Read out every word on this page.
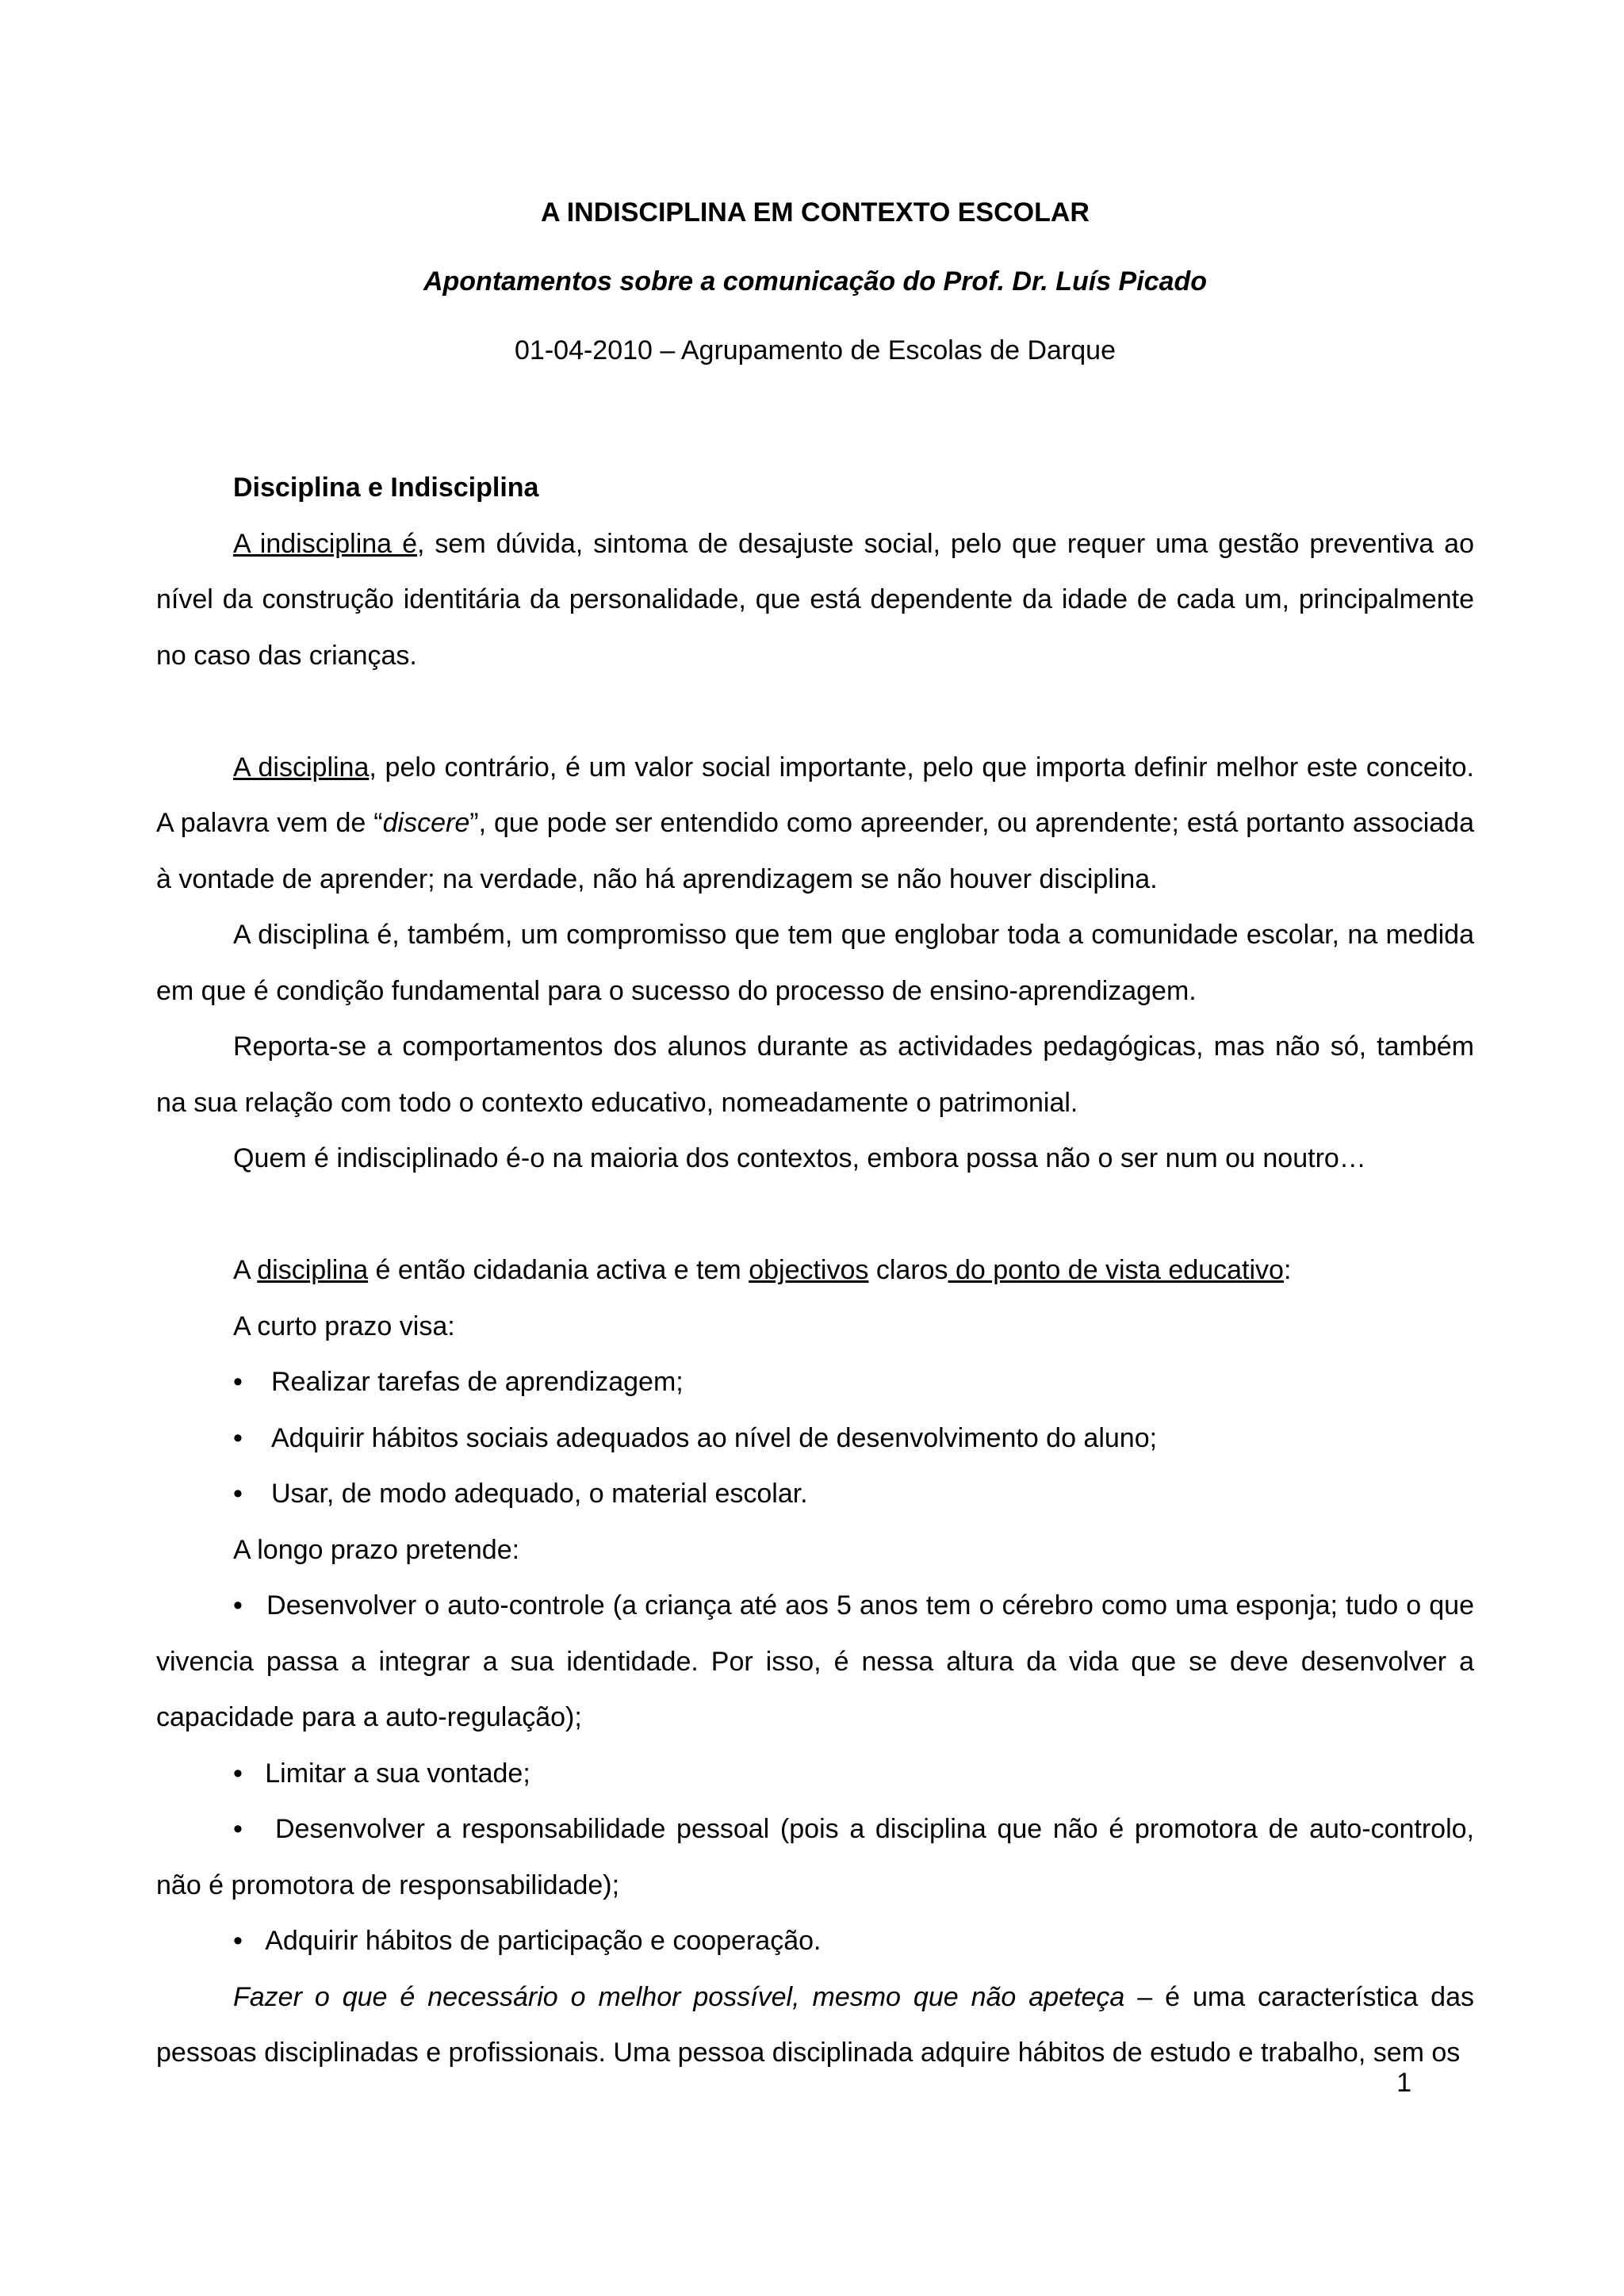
A INDISCIPLINA EM CONTEXTO ESCOLAR

Apontamentos sobre a comunicação do Prof. Dr. Luís Picado

01-04-2010 – Agrupamento de Escolas de Darque

Disciplina e Indisciplina

A indisciplina é, sem dúvida, sintoma de desajuste social, pelo que requer uma gestão preventiva ao nível da construção identitária da personalidade, que está dependente da idade de cada um, principalmente no caso das crianças.

A disciplina, pelo contrário, é um valor social importante, pelo que importa definir melhor este conceito. A palavra vem de “discere”, que pode ser entendido como apreender, ou aprendente; está portanto associada à vontade de aprender; na verdade, não há aprendizagem se não houver disciplina.

A disciplina é, também, um compromisso que tem que englobar toda a comunidade escolar, na medida em que é condição fundamental para o sucesso do processo de ensino-aprendizagem.

Reporta-se a comportamentos dos alunos durante as actividades pedagógicas, mas não só, também na sua relação com todo o contexto educativo, nomeadamente o patrimonial.

Quem é indisciplinado é-o na maioria dos contextos, embora possa não o ser num ou noutro…

A disciplina é então cidadania activa e tem objectivos claros do ponto de vista educativo:

A curto prazo visa:

• Realizar tarefas de aprendizagem;
• Adquirir hábitos sociais adequados ao nível de desenvolvimento do aluno;
• Usar, de modo adequado, o material escolar.

A longo prazo pretende:

• Desenvolver o auto-controle (a criança até aos 5 anos tem o cérebro como uma esponja; tudo o que vivencia passa a integrar a sua identidade. Por isso, é nessa altura da vida que se deve desenvolver a capacidade para a auto-regulação);

• Limitar a sua vontade;

• Desenvolver a responsabilidade pessoal (pois a disciplina que não é promotora de auto-controlo, não é promotora de responsabilidade);

• Adquirir hábitos de participação e cooperação.

Fazer o que é necessário o melhor possível, mesmo que não apeteça – é uma característica das pessoas disciplinadas e profissionais. Uma pessoa disciplinada adquire hábitos de estudo e trabalho, sem os

1
